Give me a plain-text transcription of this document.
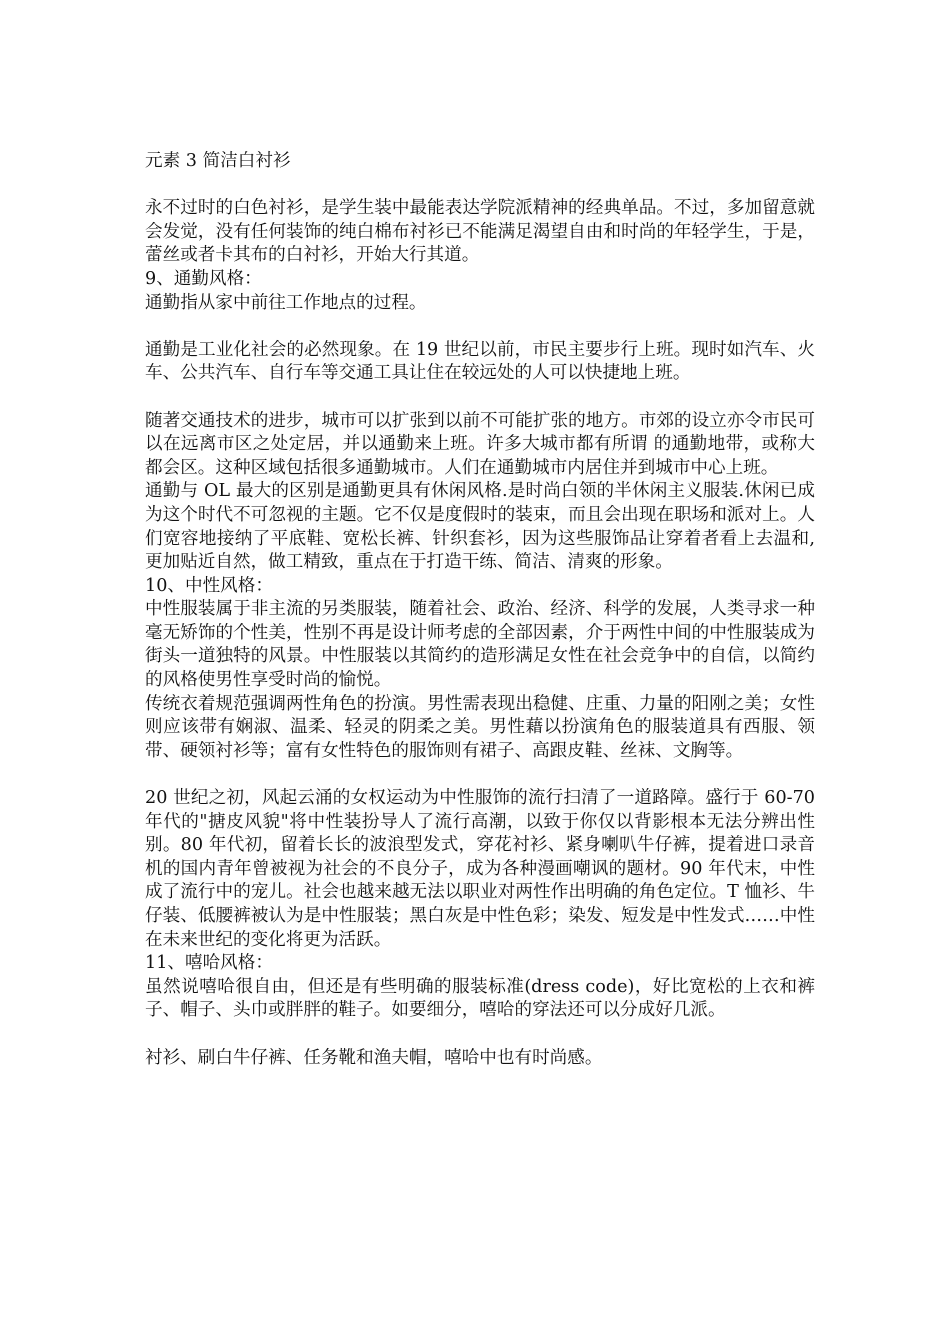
元素 3 简洁白衬衫

永不过时的白色衬衫，是学生装中最能表达学院派精神的经典单品。不过，多加留意就会发觉，没有任何装饰的纯白棉布衬衫已不能满足渴望自由和时尚的年轻学生，于是，蕾丝或者卡其布的白衬衫，开始大行其道。

9、通勤风格：

通勤指从家中前往工作地点的过程。

通勤是工业化社会的必然现象。在 19 世纪以前，市民主要步行上班。现时如汽车、火车、公共汽车、自行车等交通工具让住在较远处的人可以快捷地上班。

随著交通技术的进步，城市可以扩张到以前不可能扩张的地方。市郊的设立亦令市民可以在远离市区之处定居，并以通勤来上班。许多大城市都有所谓 的通勤地带，或称大都会区。这种区域包括很多通勤城市。人们在通勤城市内居住并到城市中心上班。

通勤与 OL 最大的区别是通勤更具有休闲风格.是时尚白领的半休闲主义服装.休闲已成为这个时代不可忽视的主题。它不仅是度假时的装束，而且会出现在职场和派对上。人们宽容地接纳了平底鞋、宽松长裤、针织套衫，因为这些服饰品让穿着者看上去温和,更加贴近自然，做工精致，重点在于打造干练、简洁、清爽的形象。

10、中性风格：

中性服装属于非主流的另类服装，随着社会、政治、经济、科学的发展，人类寻求一种毫无矫饰的个性美，性别不再是设计师考虑的全部因素，介于两性中间的中性服装成为街头一道独特的风景。中性服装以其简约的造形满足女性在社会竞争中的自信，以简约的风格使男性享受时尚的愉悦。

传统衣着规范强调两性角色的扮演。男性需表现出稳健、庄重、力量的阳刚之美；女性则应该带有娴淑、温柔、轻灵的阴柔之美。男性藉以扮演角色的服装道具有西服、领带、硬领衬衫等；富有女性特色的服饰则有裙子、高跟皮鞋、丝袜、文胸等。

20 世纪之初，风起云涌的女权运动为中性服饰的流行扫清了一道路障。盛行于 60-70 年代的"搪皮风貌"将中性装扮导人了流行高潮，以致于你仅以背影根本无法分辨出性别。80 年代初，留着长长的波浪型发式，穿花衬衫、紧身喇叭牛仔裤，提着进口录音机的国内青年曾被视为社会的不良分子，成为各种漫画嘲讽的题材。90 年代末，中性成了流行中的宠儿。社会也越来越无法以职业对两性作出明确的角色定位。T 恤衫、牛仔装、低腰裤被认为是中性服装；黑白灰是中性色彩；染发、短发是中性发式……中性在未来世纪的变化将更为活跃。

11、嘻哈风格：

虽然说嘻哈很自由，但还是有些明确的服装标准(dress code)，好比宽松的上衣和裤子、帽子、头巾或胖胖的鞋子。如要细分，嘻哈的穿法还可以分成好几派。

衬衫、刷白牛仔裤、任务靴和渔夫帽，嘻哈中也有时尚感。
